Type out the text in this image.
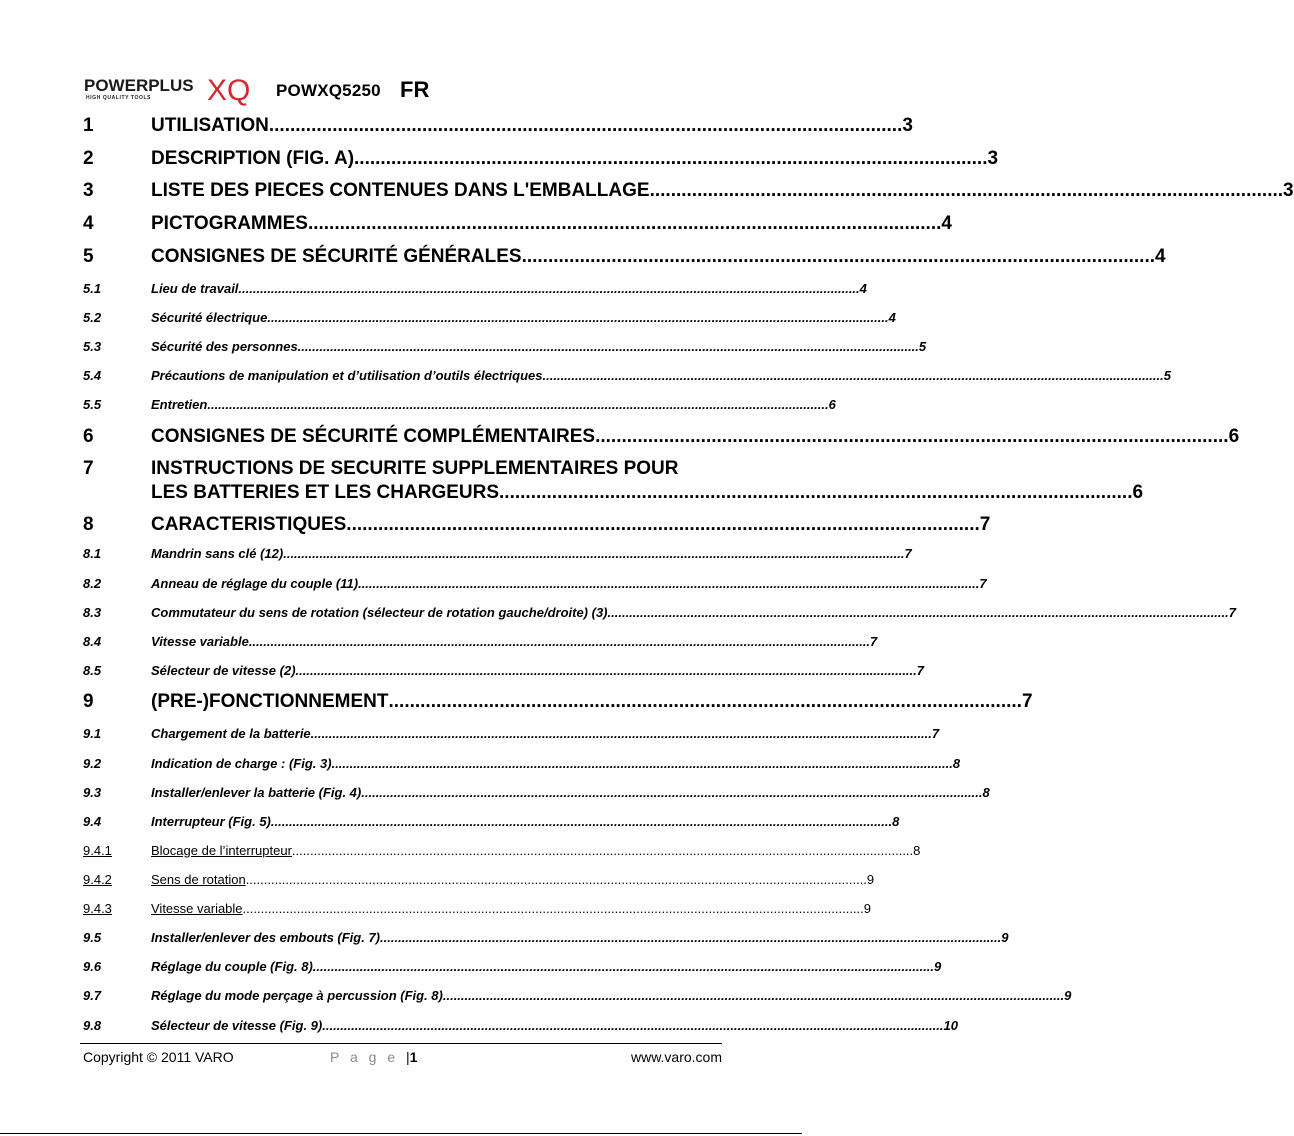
POWERPLUS
HIGH QUALITY TOOLS XQ POWXQ5250 FR
1	UTILISATION ........................................................................................................................ 3
2	DESCRIPTION (FIG. A) ........................................................................................................................ 3
3	LISTE DES PIECES CONTENUES DANS L'EMBALLAGE ........................................................................................................................ 3
4	PICTOGRAMMES ........................................................................................................................ 4
5	CONSIGNES DE SÉCURITÉ GÉNÉRALES ........................................................................................................................ 4
5.1	Lieu de travail ............................................................................................................................................................................ 4
5.2	Sécurité électrique ............................................................................................................................................................................ 4
5.3	Sécurité des personnes ............................................................................................................................................................................ 5
5.4	Précautions de manipulation et d’utilisation d’outils électriques ............................................................................................................................................................................ 5
5.5	Entretien ............................................................................................................................................................................ 6
6	CONSIGNES DE SÉCURITÉ COMPLÉMENTAIRES ........................................................................................................................ 6
7	INSTRUCTIONS DE SECURITE SUPPLEMENTAIRES POUR
LES BATTERIES ET LES CHARGEURS ........................................................................................................................ 6
8	CARACTERISTIQUES ........................................................................................................................ 7
8.1	Mandrin sans clé (12) ............................................................................................................................................................................ 7
8.2	Anneau de réglage du couple (11) ............................................................................................................................................................................ 7
8.3	Commutateur du sens de rotation (sélecteur de rotation gauche/droite) (3) ............................................................................................................................................................................ 7
8.4	Vitesse variable ............................................................................................................................................................................ 7
8.5	Sélecteur de vitesse (2) ............................................................................................................................................................................ 7
9	(PRE-)FONCTIONNEMENT ........................................................................................................................ 7
9.1	Chargement de la batterie ............................................................................................................................................................................ 7
9.2	Indication de charge : (Fig. 3) ............................................................................................................................................................................ 8
9.3	Installer/enlever la batterie (Fig. 4) ............................................................................................................................................................................ 8
9.4	Interrupteur (Fig. 5) ............................................................................................................................................................................ 8
9.4.1	Blocage de l’interrupteur ............................................................................................................................................................................ 8
9.4.2	Sens de rotation ............................................................................................................................................................................ 9
9.4.3	Vitesse variable ............................................................................................................................................................................ 9
9.5	Installer/enlever des embouts (Fig. 7) ............................................................................................................................................................................ 9
9.6	Réglage du couple (Fig. 8) ............................................................................................................................................................................ 9
9.7	Réglage du mode perçage à percussion (Fig. 8) ............................................................................................................................................................................ 9
9.8	Sélecteur de vitesse (Fig. 9) ............................................................................................................................................................................ 10
Copyright © 2011 VARO	P a g e |1	www.varo.com
